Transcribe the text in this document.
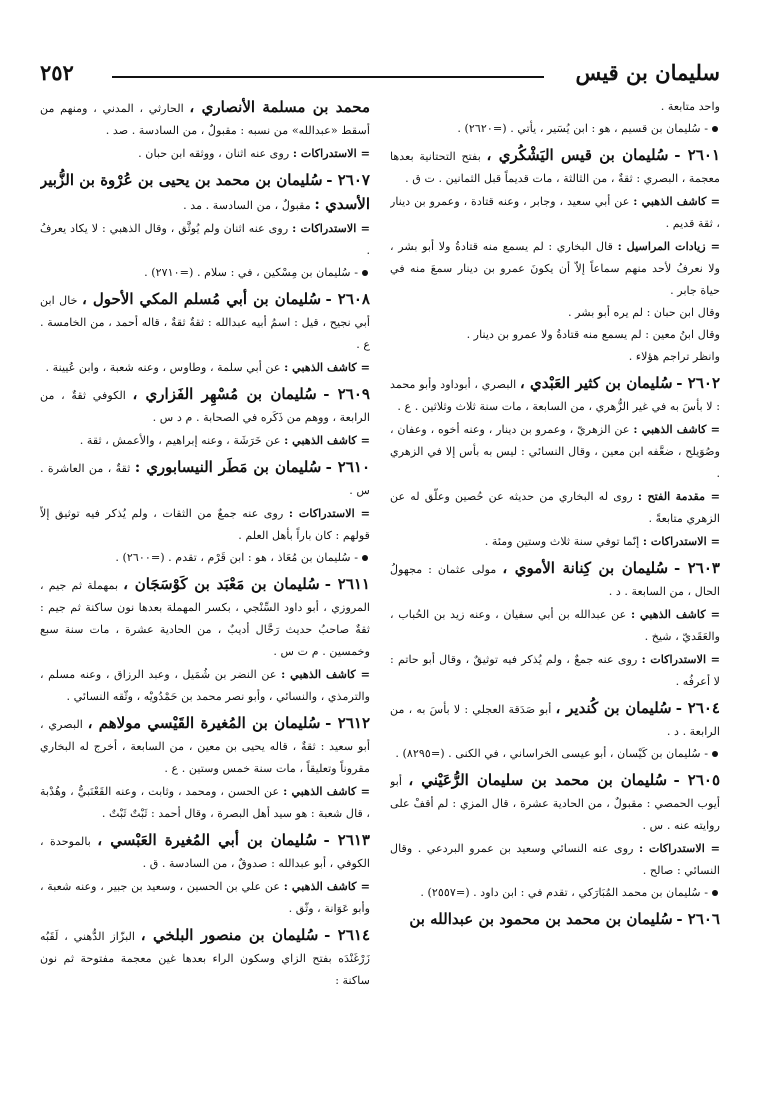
٢٥٢	سليمان بن قيس
واحد متابعة .
- سُليمان بن قسيم ، هو : ابن يُسَير ، يأتي . (=٢٦٢٠) .
٢٦٠١ - سُليمان بن قيس اليَشْكُري ، بفتح التحتانية بعدها معجمة ، البصري : ثقةٌ ، من الثالثة ، مات قديماً قبل الثمانين . ت ق .
= كاشف الذهبي : عن أبي سعيد ، وجابر ، وعنه قتادة ، وعمرو بن دينار ، ثقة قديم .
= زيادات المراسيل : قال البخاري : لم يسمع منه قتادةُ ولا أبو بشر ، ولا نعرفُ لأحد منهم سماعاً إلاّ أن يكونَ عمرو بن دينار سمعَ منه في حياة جابر .
وقال ابن حبان : لم يره أبو بشر .
وقال ابنُ معين : لم يسمع منه قتادةُ ولا عمرو بن دينار .
وانظر تراجم هؤلاء .
٢٦٠٢ - سُليمان بن كثير العَبْدي ، البصري ، أبوداود وأبو محمد : لا بأسَ به في غير الزُّهري ، من السابعة ، مات سنة ثلاث وثلاثين . ع .
= كاشف الذهبي : عن الزهريّ ، وعمرو بن دينار ، وعنه أخوه ، وعفان ، وصُوَيلح ، ضعَّفه ابن معين ، وقال النسائي : ليس به بأس إلا في الزهري .
= مقدمة الفتح : روى له البخاري من حديثه عن حُصين وعلّق له عن الزهري متابعةً .
= الاستدراكات : إنّما توفي سنة ثلاث وستين ومئة .
٢٦٠٣ - سُليمان بن كِنانة الأموي ، مولى عثمان : مجهولُ الحال ، من السابعة . د .
= كاشف الذهبي : عن عبدالله بن أبي سفيان ، وعنه زيد بن الحُباب ، والعَقَديّ ، شيخ .
= الاستدراكات : روى عنه جمعٌ ، ولم يُذكر فيه توثيقٌ ، وقال أبو حاتم : لا أعرفُه .
٢٦٠٤ - سُليمان بن كُندير ، أبو صَدَقة العجلي : لا بأسَ به ، من الرابعة . د .
- سُليمان بن كَيْسان ، أبو عيسى الخراساني ، في الكنى . (=٨٢٩٥) .
٢٦٠٥ - سُليمان بن محمد بن سليمان الرُّعَيْني ، أبو أيوب الحمصي : مقبولٌ ، من الحادية عشرة ، قال المزي : لم أقفْ على روايته عنه . س .
= الاستدراكات : روى عنه النسائي وسعيد بن عمرو البردعي . وقال النسائي : صالح .
- سُليمان بن محمد المُبَارَكي ، تقدم في : ابن داود . (=٢٥٥٧) .
٢٦٠٦ - سُليمان بن محمد بن محمود بن عبدالله بن
محمد بن مسلمة الأنصاري ، الحارثي ، المدني ، ومنهم من أسقط «عبدالله» من نسبه : مقبولٌ ، من السادسة . صد .
= الاستدراكات : روى عنه اثنان ، ووثقه ابن حبان .
٢٦٠٧ - سُليمان بن محمد بن يحيى بن عُرْوة بن الزُّبير الأسدي : مقبولٌ ، من السادسة . مد .
= الاستدراكات : روى عنه اثنان ولم يُوثَّق ، وقال الذهبي : لا يكاد يعرفُ .
- سُليمان بن مِسْكين ، في : سلام . (=٢٧١٠) .
٢٦٠٨ - سُليمان بن أبي مُسلم المكي الأحول ، خال ابن أبي نجيح ، قيل : اسمُ أبيه عبدالله : ثقةٌ ثقةٌ ، قاله أحمد ، من الخامسة . ع .
= كاشف الذهبي : عن أبي سلمة ، وطاوس ، وعنه شعبة ، وابن عُيينة .
٢٦٠٩ - سُليمان بن مُسْهِر الفَزاري ، الكوفي ثقةٌ ، من الرابعة ، ووهم من ذَكَره في الصحابة . م د س .
= كاشف الذهبي : عن خَرَشَة ، وعنه إبراهيم ، والأعمش ، ثقة .
٢٦١٠ - سُليمان بن مَطَر النيسابوري : ثقةٌ ، من العاشرة . س .
= الاستدراكات : روى عنه جمعٌ من الثقات ، ولم يُذكر فيه توثيق إلاّ قولهم : كان باراً بأهل العلم .
- سُليمان بن مُعَاذ ، هو : ابن قَرْم ، تقدم . (=٢٦٠٠) .
٢٦١١ - سُليمان بن مَعْبَد بن كَوْسَجَان ، بمهملة ثم جيم ، المروزي ، أبو داود السِّنْجي ، بكسر المهملة بعدها نون ساكنة ثم جيم : ثقةٌ صاحبُ حديث رَحَّال أديبٌ ، من الحادية عشرة ، مات سنة سبع وخمسين . م ت س .
= كاشف الذهبي : عن النضر بن شُمَيل ، وعبد الرزاق ، وعنه مسلم ، والترمذي ، والنسائي ، وأبو نصر محمد بن حَمْدُويْه ، وثّقه النسائي .
٢٦١٢ - سُليمان بن المُغيرة القَيْسي مولاهم ، البصري ، أبو سعيد : ثقةٌ ، قاله يحيى بن معين ، من السابعة ، أخرج له البخاري مقروناً وتعليقاً ، مات سنة خمس وستين . ع .
= كاشف الذهبي : عن الحسن ، ومحمد ، وثابت ، وعنه القَعْنَبيُّ ، وهُدْبة ، قال شعبة : هو سيد أهل البصرة ، وقال أحمد : ثَبْتٌ ثَبْتٌ .
٢٦١٣ - سُليمان بن أبي المُغيرة العَبْسي ، بالموحدة ، الكوفي ، أبو عبدالله : صدوقٌ ، من السادسة . ق .
= كاشف الذهبي : عن علي بن الحسين ، وسعيد بن جبير ، وعنه شعبة ، وأبو عَوَانة ، وثّق .
٢٦١٤ - سُليمان بن منصور البلخي ، البزّاز الدُّهني ، لَقَبُه زَرْغَنْدَه بفتح الزاي وسكون الراء بعدها غين معجمة مفتوحة ثم نون ساكنة :
